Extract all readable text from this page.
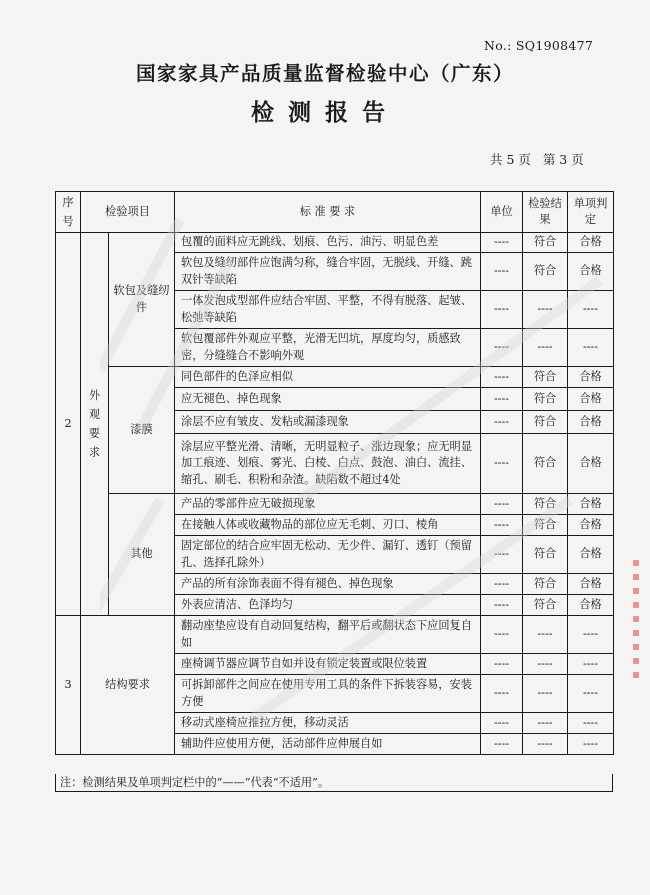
No.: SQ1908477
国家家具产品质量监督检验中心（广东）
检测报告
共 5 页   第 3 页
序号	检验项目		标 准 要 求	单位	检验结果	单项判定
2	外观要求	软包及缝纫件	包覆的面料应无跳线、划痕、色污、油污、明显色差	----	符合	合格
			软包及缝纫部件应饱满匀称，缝合牢固，无脱线、开缝、跳双针等缺陷	----	符合	合格
			一体发泡成型部件应结合牢固、平整，不得有脱落、起皱、松弛等缺陷	----	----	----
			软包覆部件外观应平整，光滑无凹坑，厚度均匀，质感致密，分缝缝合不影响外观	----	----	----
		漆膜	同色部件的色泽应相似	----	符合	合格
			应无褪色、掉色现象	----	符合	合格
			涂层不应有皱皮、发粘或漏漆现象	----	符合	合格
			涂层应平整光滑、清晰，无明显粒子、涨边现象；应无明显加工痕迹、划痕、雾光、白棱、白点、鼓泡、油白、流挂、缩孔、刷毛、积粉和杂渣。缺陷数不超过4处	----	符合	合格
		其他	产品的零部件应无破损现象	----	符合	合格
			在接触人体或收藏物品的部位应无毛刺、刃口、棱角	----	符合	合格
			固定部位的结合应牢固无松动、无少件、漏钉、透钉（预留孔、选择孔除外）	----	符合	合格
			产品的所有涂饰表面不得有褪色、掉色现象	----	符合	合格
			外表应清洁、色泽均匀	----	符合	合格
3	结构要求		翻动座垫应设有自动回复结构，翻平后或翻状态下应回复自如	----	----	----
			座椅调节器应调节自如并设有锁定装置或限位装置	----	----	----
			可拆卸部件之间应在使用专用工具的条件下拆装容易，安装方便	----	----	----
			移动式座椅应推拉方便，移动灵活	----	----	----
			辅助件应使用方便，活动部件应伸展自如	----	----	----
注：检测结果及单项判定栏中的“——”代表“不适用”。
